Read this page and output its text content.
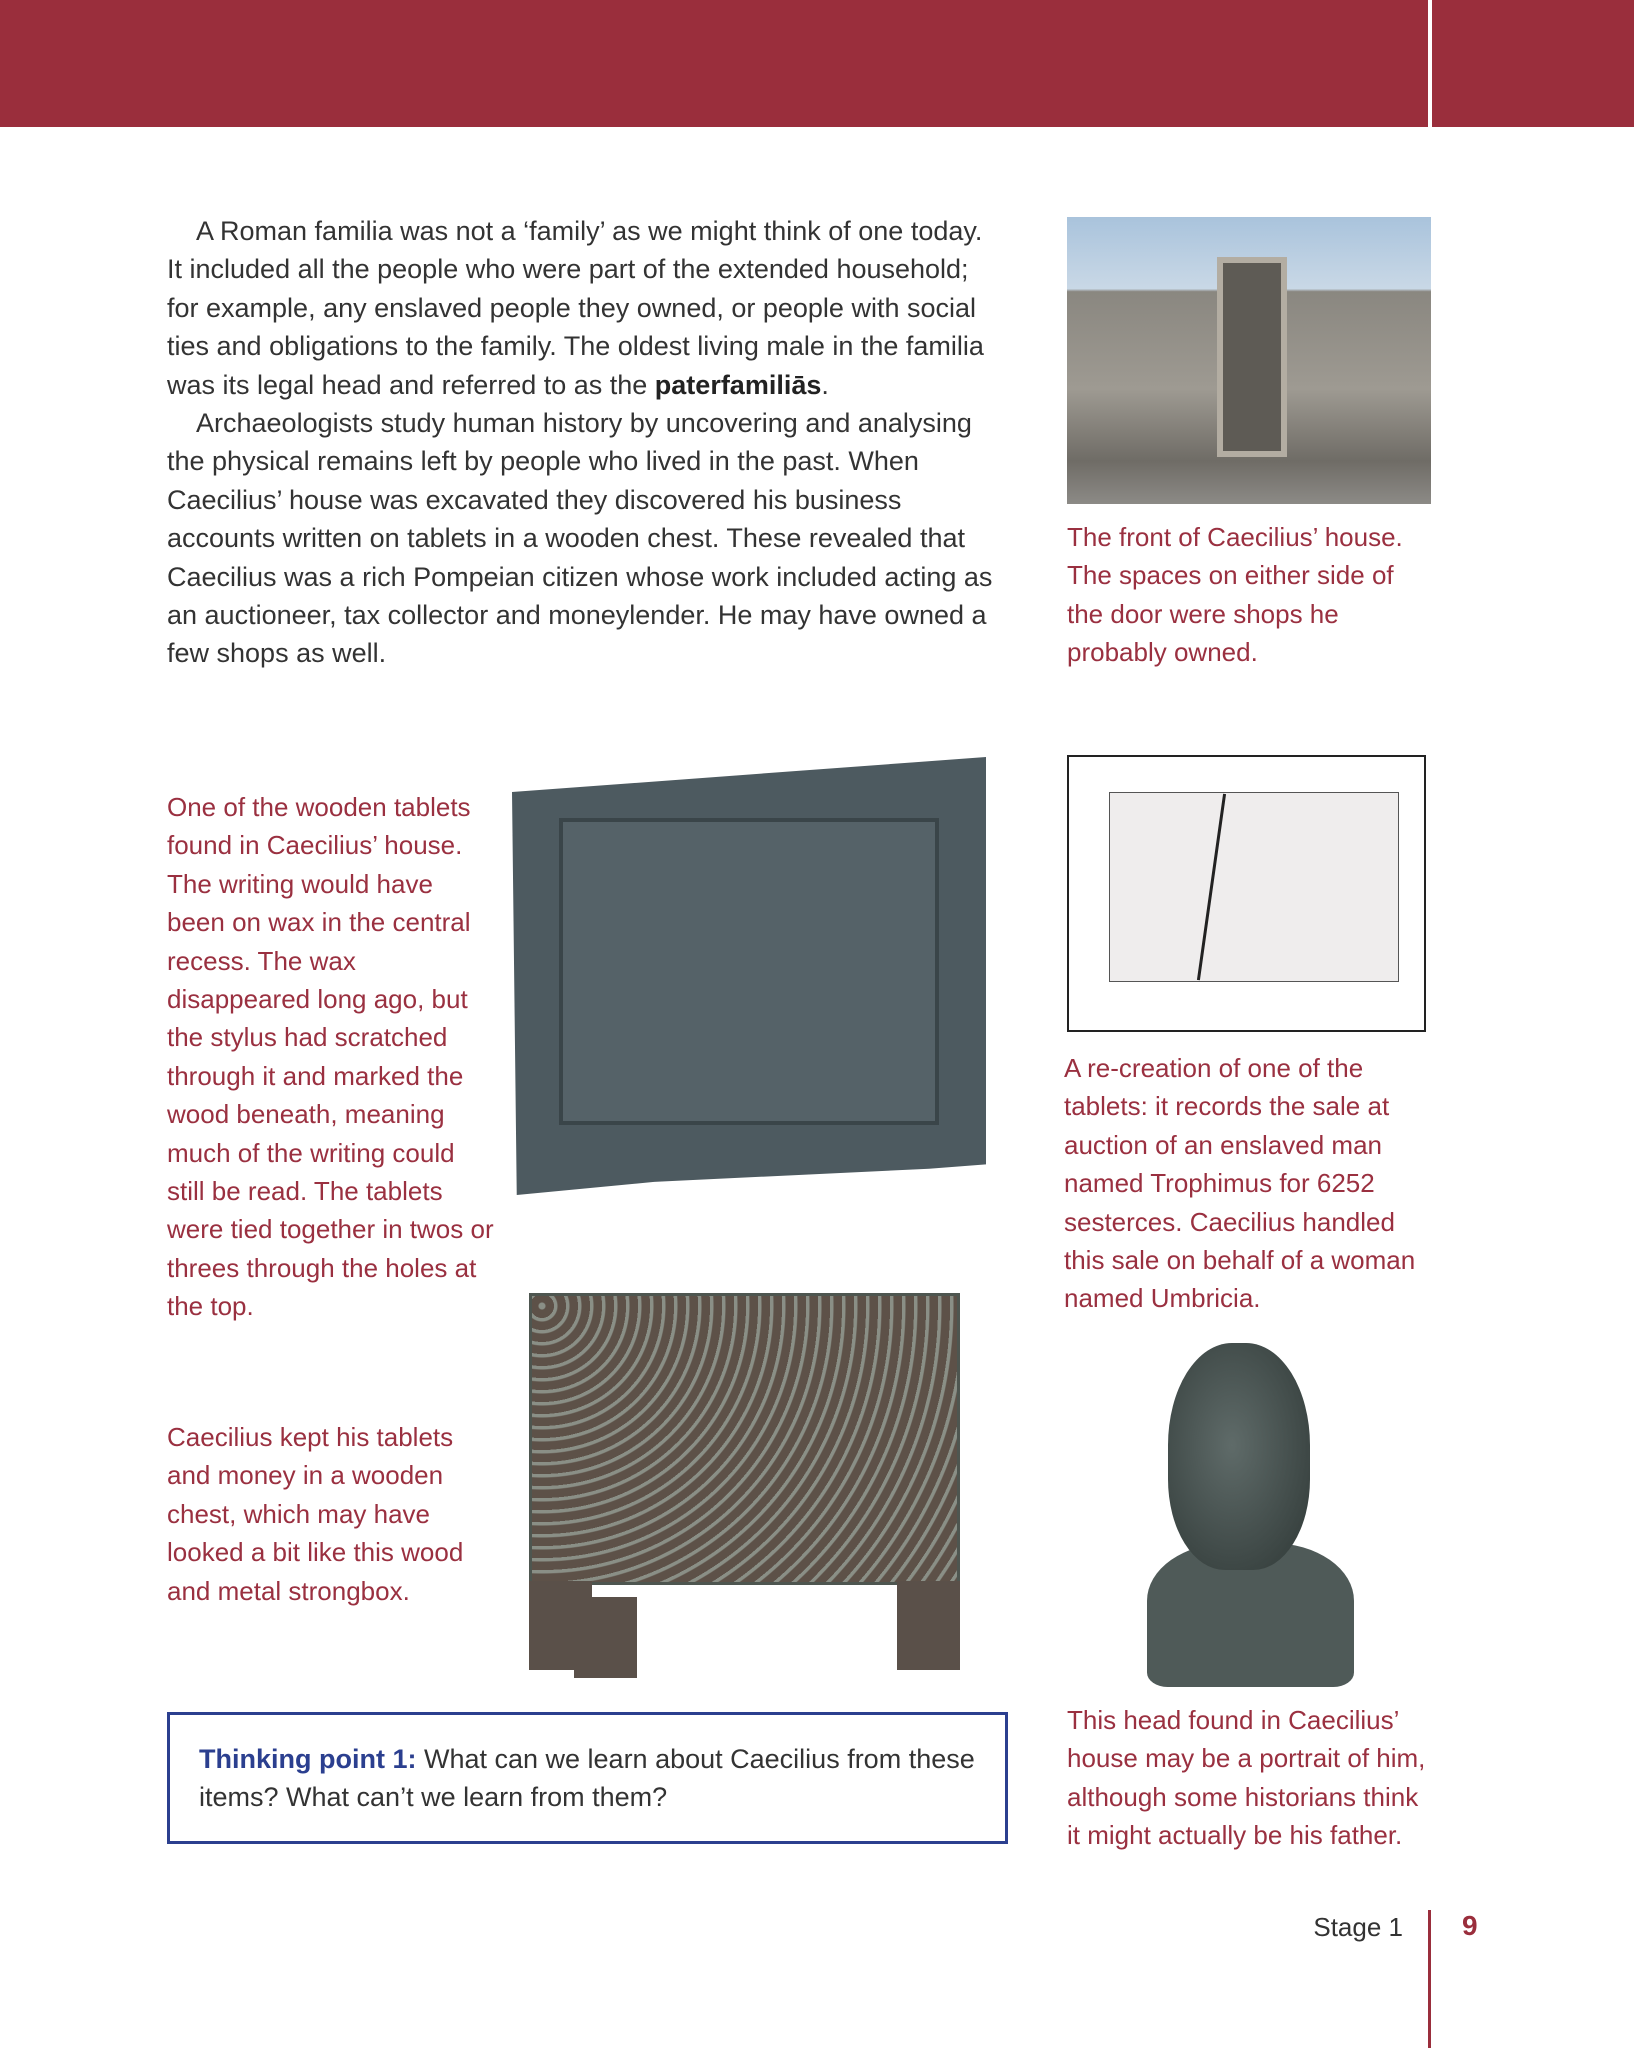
A Roman familia was not a ‘family’ as we might think of one today. It included all the people who were part of the extended household; for example, any enslaved people they owned, or people with social ties and obligations to the family. The oldest living male in the familia was its legal head and referred to as the paterfamiliās.

Archaeologists study human history by uncovering and analysing the physical remains left by people who lived in the past. When Caecilius’ house was excavated they discovered his business accounts written on tablets in a wooden chest. These revealed that Caecilius was a rich Pompeian citizen whose work included acting as an auctioneer, tax collector and moneylender. He may have owned a few shops as well.

The front of Caecilius’ house. The spaces on either side of the door were shops he probably owned.
One of the wooden tablets found in Caecilius’ house. The writing would have been on wax in the central recess. The wax disappeared long ago, but the stylus had scratched through it and marked the wood beneath, meaning much of the writing could still be read. The tablets were tied together in twos or threes through the holes at the top.
A re-creation of one of the tablets: it records the sale at auction of an enslaved man named Trophimus for 6252 sesterces. Caecilius handled this sale on behalf of a woman named Umbricia.
Caecilius kept his tablets and money in a wooden chest, which may have looked a bit like this wood and metal strongbox.
This head found in Caecilius’ house may be a portrait of him, although some historians think it might actually be his father.
Thinking point 1: What can we learn about Caecilius from these items? What can’t we learn from them?
Stage 1 9
